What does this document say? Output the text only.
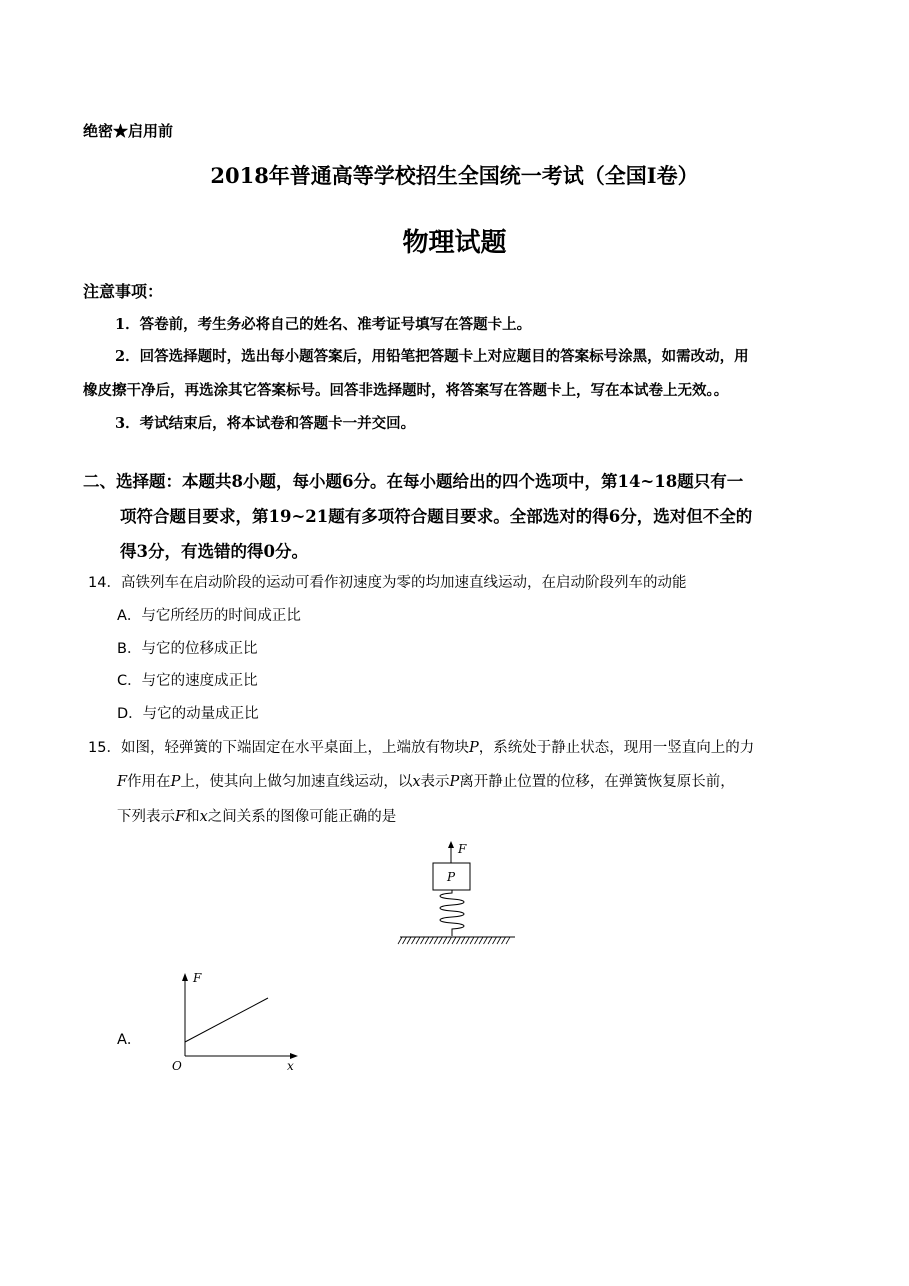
绝密★启用前
2018年普通高等学校招生全国统一考试（全国I卷）
物理试题
注意事项：
1．答卷前，考生务必将自己的姓名、准考证号填写在答题卡上。
2．回答选择题时，选出每小题答案后，用铅笔把答题卡上对应题目的答案标号涂黑，如需改动，用
橡皮擦干净后，再选涂其它答案标号。回答非选择题时，将答案写在答题卡上，写在本试卷上无效。。
3．考试结束后，将本试卷和答题卡一并交回。
二、选择题：本题共8小题，每小题6分。在每小题给出的四个选项中，第14~18题只有一
项符合题目要求，第19~21题有多项符合题目要求。全部选对的得6分，选对但不全的
得3分，有选错的得0分。
14．高铁列车在启动阶段的运动可看作初速度为零的均加速直线运动，在启动阶段列车的动能
A．与它所经历的时间成正比
B．与它的位移成正比
C．与它的速度成正比
D．与它的动量成正比
15．如图，轻弹簧的下端固定在水平桌面上，上端放有物块P，系统处于静止状态，现用一竖直向上的力
F作用在P上，使其向上做匀加速直线运动，以x表示P离开静止位置的位移，在弹簧恢复原长前，
下列表示F和x之间关系的图像可能正确的是
F
P
A．
F
x
O
